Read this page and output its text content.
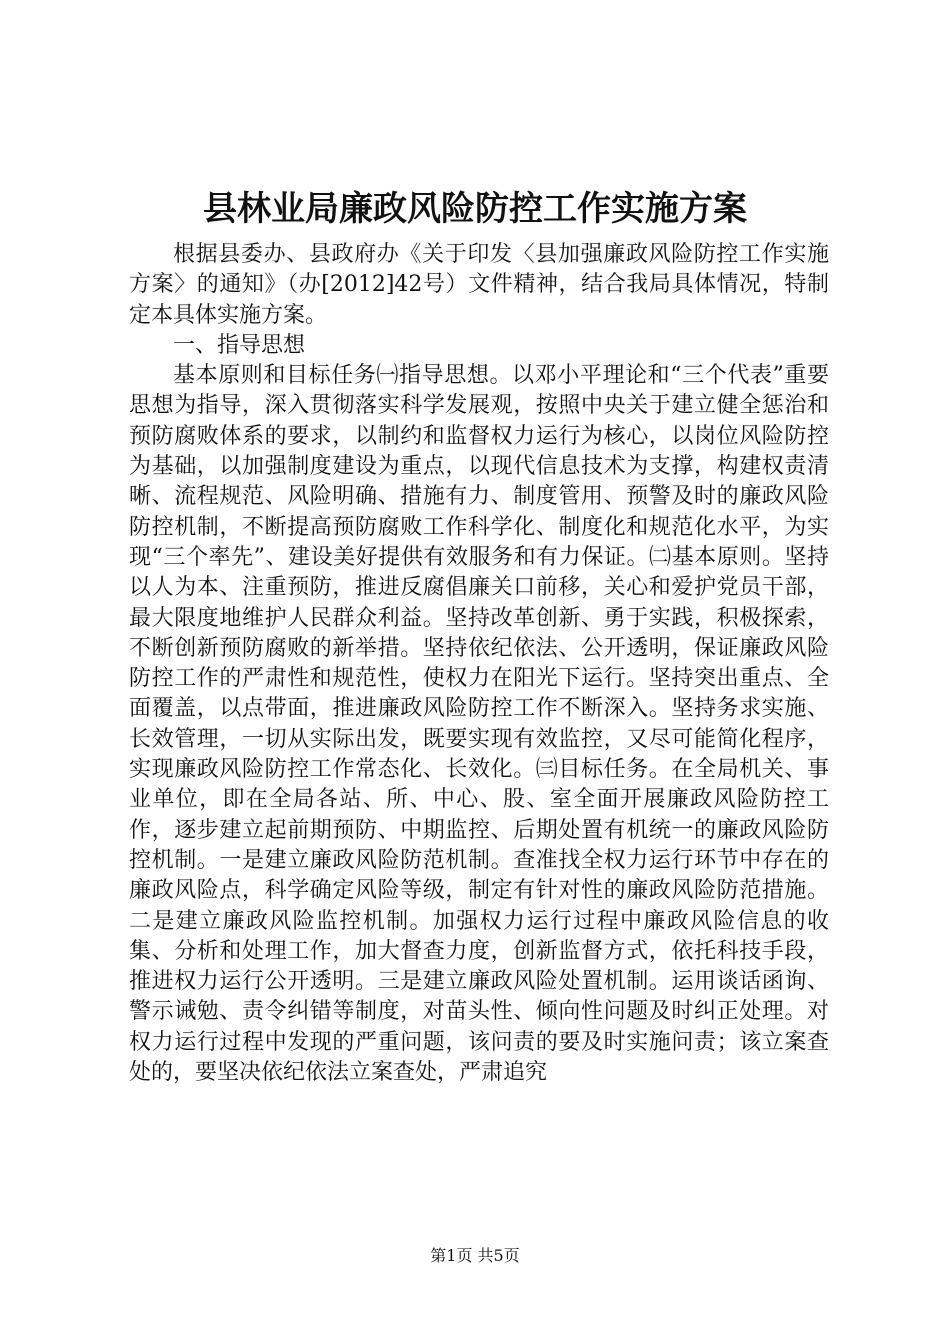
县林业局廉政风险防控工作实施方案

根据县委办、县政府办《关于印发〈县加强廉政风险防控工作实施方案〉的通知》（办[2012]42号）文件精神，结合我局具体情况，特制定本具体实施方案。

一、指导思想

基本原则和目标任务㈠指导思想。以邓小平理论和“三个代表”重要思想为指导，深入贯彻落实科学发展观，按照中央关于建立健全惩治和预防腐败体系的要求，以制约和监督权力运行为核心，以岗位风险防控为基础，以加强制度建设为重点，以现代信息技术为支撑，构建权责清晰、流程规范、风险明确、措施有力、制度管用、预警及时的廉政风险防控机制，不断提高预防腐败工作科学化、制度化和规范化水平，为实现“三个率先”、建设美好提供有效服务和有力保证。㈡基本原则。坚持以人为本、注重预防，推进反腐倡廉关口前移，关心和爱护党员干部，最大限度地维护人民群众利益。坚持改革创新、勇于实践，积极探索，不断创新预防腐败的新举措。坚持依纪依法、公开透明，保证廉政风险防控工作的严肃性和规范性，使权力在阳光下运行。坚持突出重点、全面覆盖，以点带面，推进廉政风险防控工作不断深入。坚持务求实施、长效管理，一切从实际出发，既要实现有效监控，又尽可能简化程序，实现廉政风险防控工作常态化、长效化。㈢目标任务。在全局机关、事业单位，即在全局各站、所、中心、股、室全面开展廉政风险防控工作，逐步建立起前期预防、中期监控、后期处置有机统一的廉政风险防控机制。一是建立廉政风险防范机制。查准找全权力运行环节中存在的廉政风险点，科学确定风险等级，制定有针对性的廉政风险防范措施。二是建立廉政风险监控机制。加强权力运行过程中廉政风险信息的收集、分析和处理工作，加大督查力度，创新监督方式，依托科技手段，推进权力运行公开透明。三是建立廉政风险处置机制。运用谈话函询、警示诫勉、责令纠错等制度，对苗头性、倾向性问题及时纠正处理。对权力运行过程中发现的严重问题，该问责的要及时实施问责；该立案查处的，要坚决依纪依法立案查处，严肃追究

第1页 共5页
